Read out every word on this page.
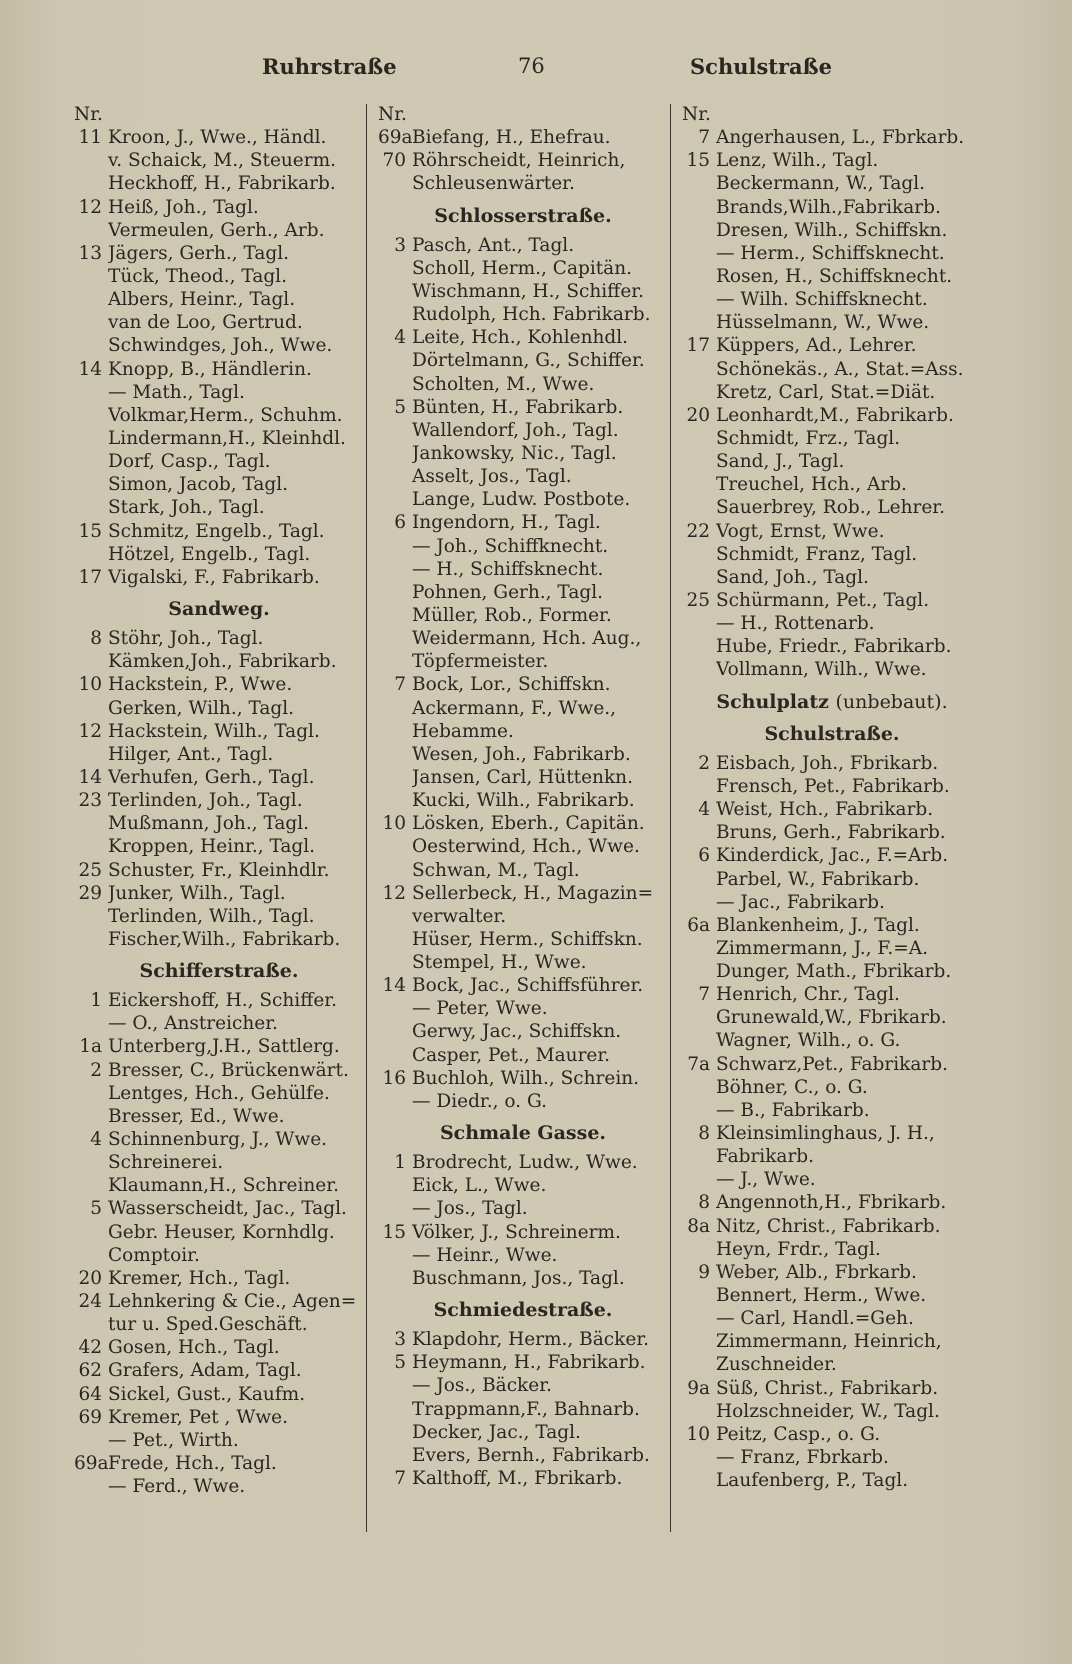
Ruhrstraße	76	Schulstraße
Nr.
11 Kroon, J., Wwe., Händl.
v. Schaick, M., Steuerm.
Heckhoff, H., Fabrikarb.
12 Heiß, Joh., Tagl.
Vermeulen, Gerh., Arb.
13 Jägers, Gerh., Tagl.
Tück, Theod., Tagl.
Albers, Heinr., Tagl.
van de Loo, Gertrud.
Schwindges, Joh., Wwe.
14 Knopp, B., Händlerin.
— Math., Tagl.
Volkmar,Herm., Schuhm.
Lindermann,H., Kleinhdl.
Dorf, Casp., Tagl.
Simon, Jacob, Tagl.
Stark, Joh., Tagl.
15 Schmitz, Engelb., Tagl.
Hötzel, Engelb., Tagl.
17 Vigalski, F., Fabrikarb.
Sandweg.
8 Stöhr, Joh., Tagl.
Kämken,Joh., Fabrikarb.
10 Hackstein, P., Wwe.
Gerken, Wilh., Tagl.
12 Hackstein, Wilh., Tagl.
Hilger, Ant., Tagl.
14 Verhufen, Gerh., Tagl.
23 Terlinden, Joh., Tagl.
Mußmann, Joh., Tagl.
Kroppen, Heinr., Tagl.
25 Schuster, Fr., Kleinhdlr.
29 Junker, Wilh., Tagl.
Terlinden, Wilh., Tagl.
Fischer,Wilh., Fabrikarb.
Schifferstraße.
1 Eickershoff, H., Schiffer.
— O., Anstreicher.
1a Unterberg,J.H., Sattlerg.
2 Bresser, C., Brückenwärt.
Lentges, Hch., Gehülfe.
Bresser, Ed., Wwe.
4 Schinnenburg, J., Wwe.
Schreinerei.
Klaumann,H., Schreiner.
5 Wasserscheidt, Jac., Tagl.
Gebr. Heuser, Kornhdlg.
Comptoir.
20 Kremer, Hch., Tagl.
24 Lehnkering & Cie., Agen=
tur u. Sped.Geschäft.
42 Gosen, Hch., Tagl.
62 Grafers, Adam, Tagl.
64 Sickel, Gust., Kaufm.
69 Kremer, Pet , Wwe.
— Pet., Wirth.
69a Frede, Hch., Tagl.
— Ferd., Wwe.
Nr.
69a Biefang, H., Ehefrau.
70 Röhrscheidt, Heinrich,
Schleusenwärter.
Schlosserstraße.
3 Pasch, Ant., Tagl.
Scholl, Herm., Capitän.
Wischmann, H., Schiffer.
Rudolph, Hch. Fabrikarb.
4 Leite, Hch., Kohlenhdl.
Dörtelmann, G., Schiffer.
Scholten, M., Wwe.
5 Bünten, H., Fabrikarb.
Wallendorf, Joh., Tagl.
Jankowsky, Nic., Tagl.
Asselt, Jos., Tagl.
Lange, Ludw. Postbote.
6 Ingendorn, H., Tagl.
— Joh., Schiffknecht.
— H., Schiffsknecht.
Pohnen, Gerh., Tagl.
Müller, Rob., Former.
Weidermann, Hch. Aug.,
Töpfermeister.
7 Bock, Lor., Schiffskn.
Ackermann, F., Wwe.,
Hebamme.
Wesen, Joh., Fabrikarb.
Jansen, Carl, Hüttenkn.
Kucki, Wilh., Fabrikarb.
10 Lösken, Eberh., Capitän.
Oesterwind, Hch., Wwe.
Schwan, M., Tagl.
12 Sellerbeck, H., Magazin=
verwalter.
Hüser, Herm., Schiffskn.
Stempel, H., Wwe.
14 Bock, Jac., Schiffsführer.
— Peter, Wwe.
Gerwy, Jac., Schiffskn.
Casper, Pet., Maurer.
16 Buchloh, Wilh., Schrein.
— Diedr., o. G.
Schmale Gasse.
1 Brodrecht, Ludw., Wwe.
Eick, L., Wwe.
— Jos., Tagl.
15 Völker, J., Schreinerm.
— Heinr., Wwe.
Buschmann, Jos., Tagl.
Schmiedestraße.
3 Klapdohr, Herm., Bäcker.
5 Heymann, H., Fabrikarb.
— Jos., Bäcker.
Trappmann,F., Bahnarb.
Decker, Jac., Tagl.
Evers, Bernh., Fabrikarb.
7 Kalthoff, M., Fbrikarb.
Nr.
7 Angerhausen, L., Fbrkarb.
15 Lenz, Wilh., Tagl.
Beckermann, W., Tagl.
Brands,Wilh.,Fabrikarb.
Dresen, Wilh., Schiffskn.
— Herm., Schiffsknecht.
Rosen, H., Schiffsknecht.
— Wilh. Schiffsknecht.
Hüsselmann, W., Wwe.
17 Küppers, Ad., Lehrer.
Schönekäs., A., Stat.=Ass.
Kretz, Carl, Stat.=Diät.
20 Leonhardt,M., Fabrikarb.
Schmidt, Frz., Tagl.
Sand, J., Tagl.
Treuchel, Hch., Arb.
Sauerbrey, Rob., Lehrer.
22 Vogt, Ernst, Wwe.
Schmidt, Franz, Tagl.
Sand, Joh., Tagl.
25 Schürmann, Pet., Tagl.
— H., Rottenarb.
Hube, Friedr., Fabrikarb.
Vollmann, Wilh., Wwe.
Schulplatz (unbebaut).
Schulstraße.
2 Eisbach, Joh., Fbrikarb.
Frensch, Pet., Fabrikarb.
4 Weist, Hch., Fabrikarb.
Bruns, Gerh., Fabrikarb.
6 Kinderdick, Jac., F.=Arb.
Parbel, W., Fabrikarb.
— Jac., Fabrikarb.
6a Blankenheim, J., Tagl.
Zimmermann, J., F.=A.
Dunger, Math., Fbrikarb.
7 Henrich, Chr., Tagl.
Grunewald,W., Fbrikarb.
Wagner, Wilh., o. G.
7a Schwarz,Pet., Fabrikarb.
Böhner, C., o. G.
— B., Fabrikarb.
8 Kleinsimlinghaus, J. H.,
Fabrikarb.
— J., Wwe.
8 Angennoth,H., Fbrikarb.
8a Nitz, Christ., Fabrikarb.
Heyn, Frdr., Tagl.
9 Weber, Alb., Fbrkarb.
Bennert, Herm., Wwe.
— Carl, Handl.=Geh.
Zimmermann, Heinrich,
Zuschneider.
9a Süß, Christ., Fabrikarb.
Holzschneider, W., Tagl.
10 Peitz, Casp., o. G.
— Franz, Fbrkarb.
Laufenberg, P., Tagl.
